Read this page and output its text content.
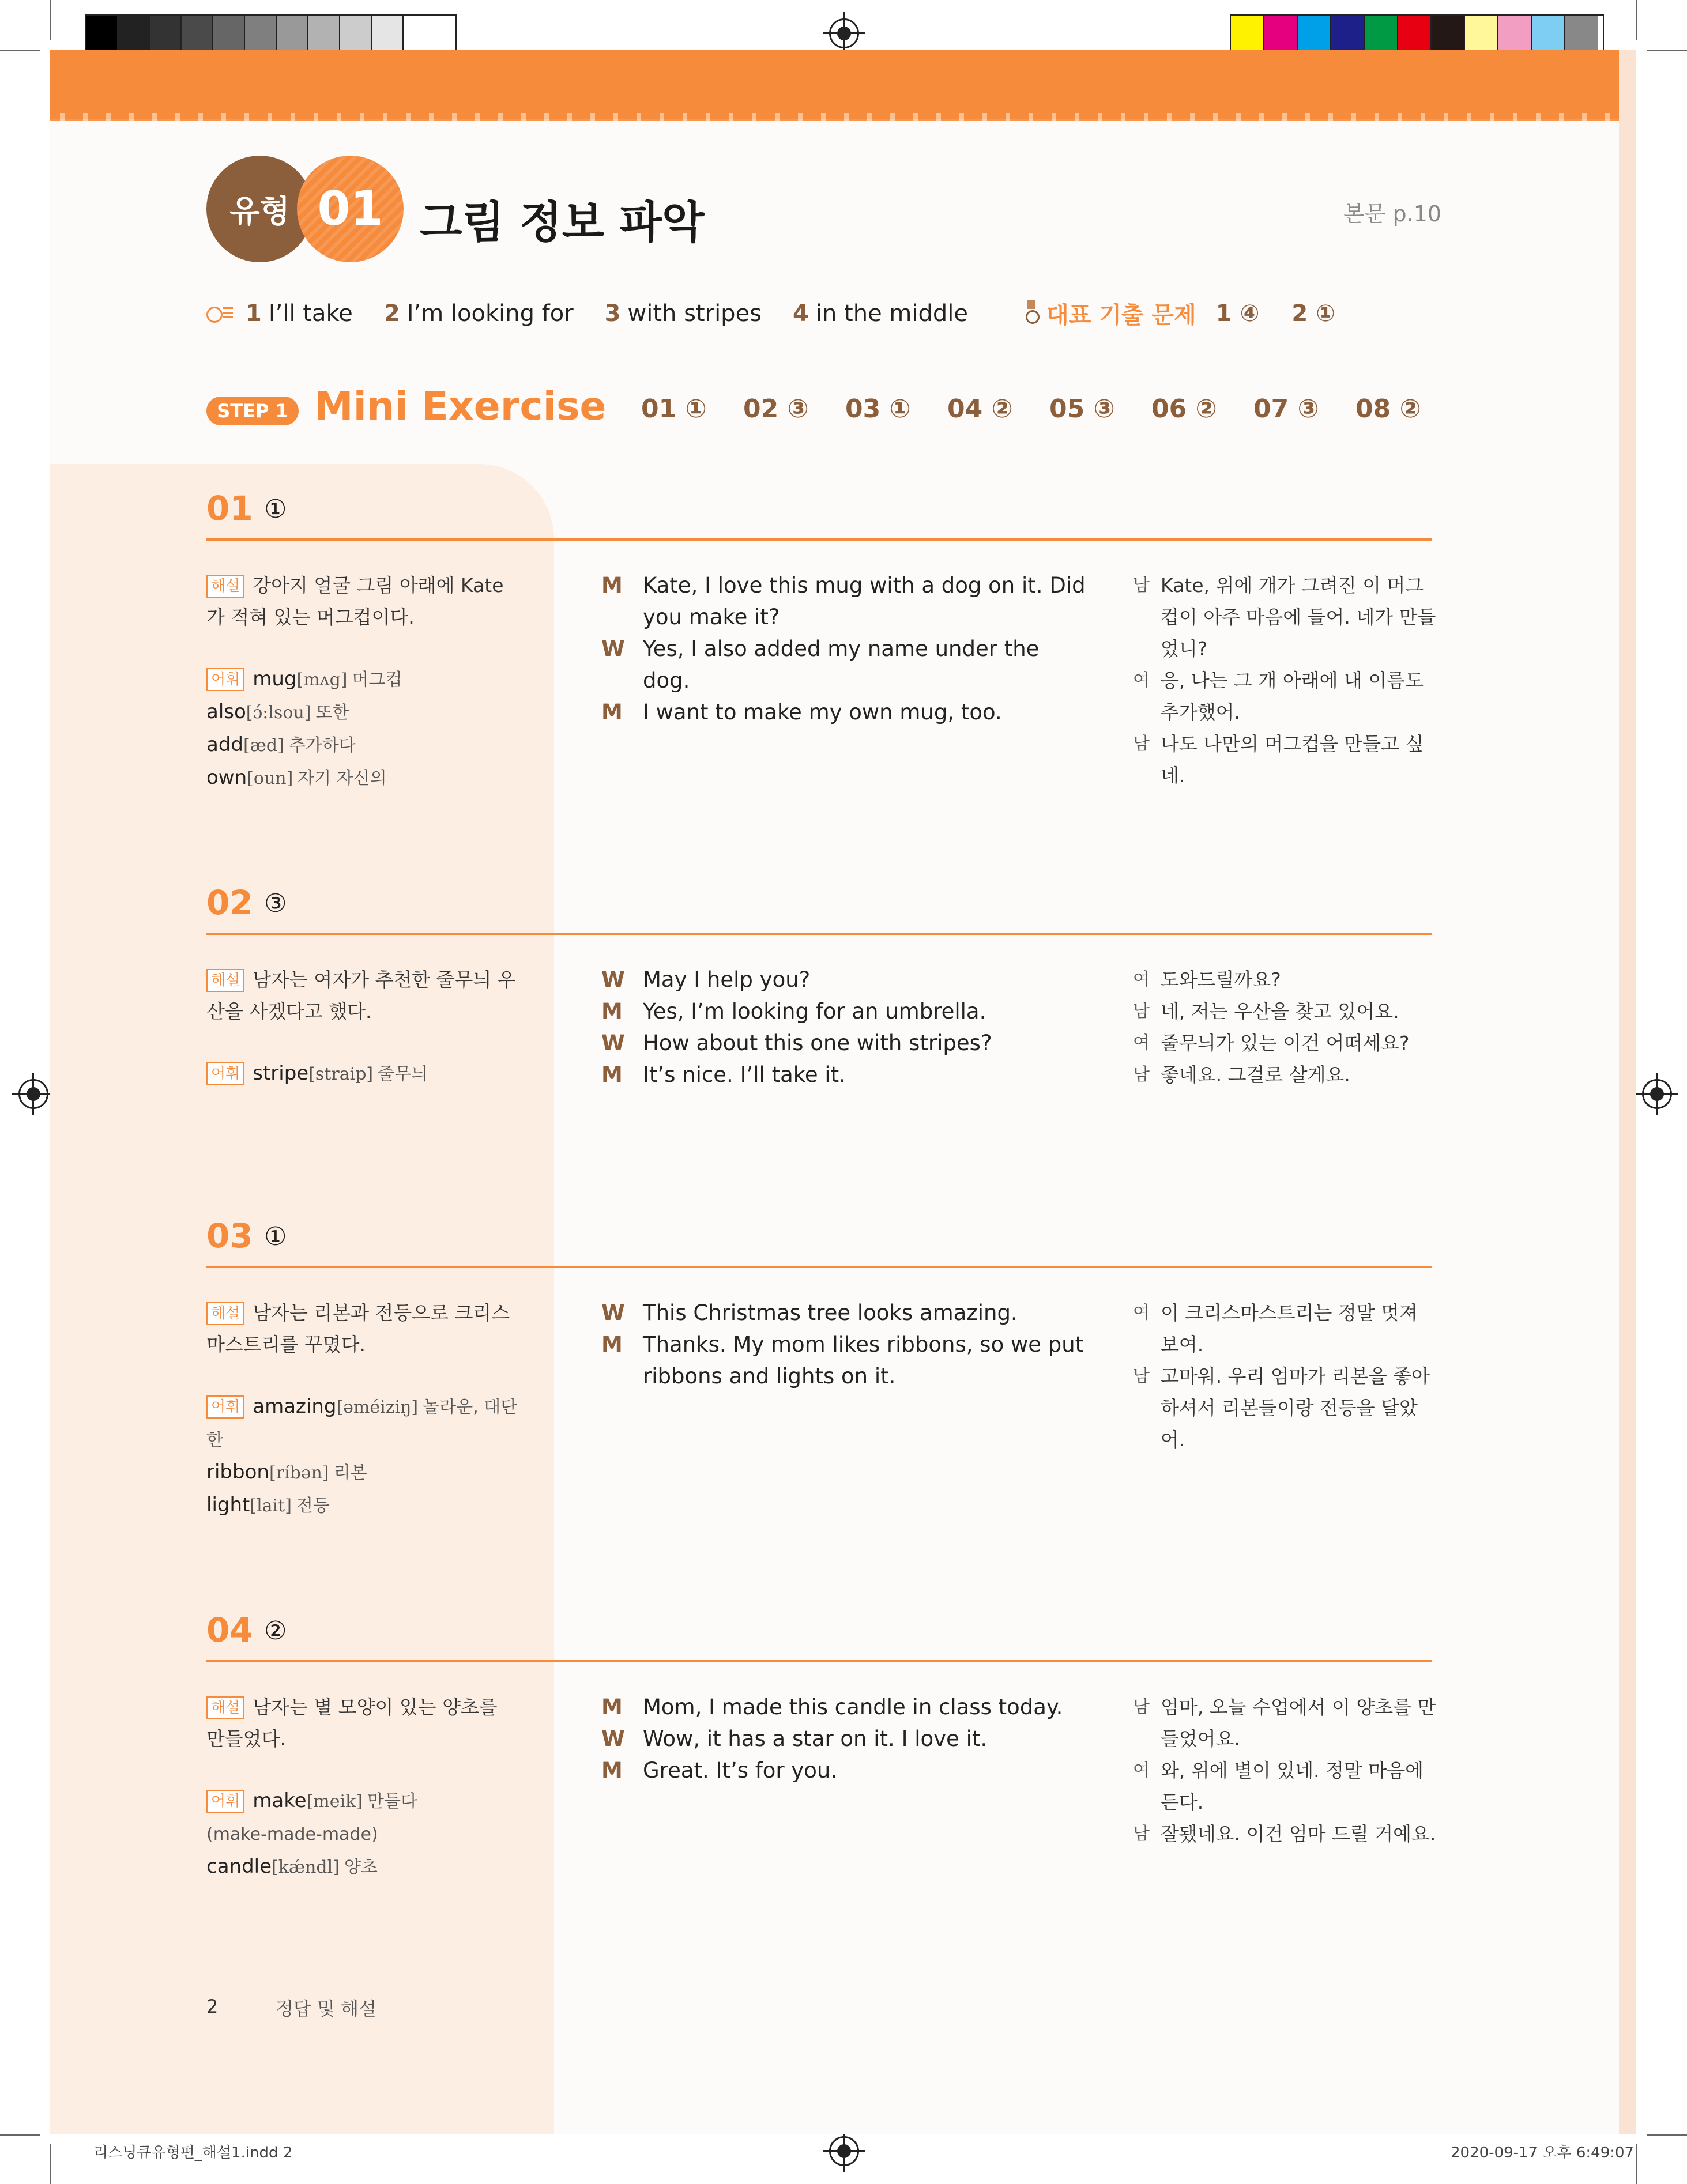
유형 01 그림 정보 파악	본문 p.10
1 I’ll take 2 I’m looking for 3 with stripes 4 in the middle	대표 기출 문제 1 ④ 2 ①
STEP 1 Mini Exercise 01 ①	02 ③	03 ①	04 ②	05 ③	06 ②	07 ③	08 ②
01 ①
해설 강아지 얼굴 그림 아래에 Kate가 적혀 있는 머그컵이다.
어휘 mug[mʌg] 머그컵
also[ɔ́:lsou] 또한
add[æd] 추가하다
own[oun] 자기 자신의
M Kate, I love this mug with a dog on it. Did you make it?
W Yes, I also added my name under the dog.
M I want to make my own mug, too.
남 Kate, 위에 개가 그려진 이 머그컵이 아주 마음에 들어. 네가 만들었니?
여 응, 나는 그 개 아래에 내 이름도 추가했어.
남 나도 나만의 머그컵을 만들고 싶네.
02 ③
해설 남자는 여자가 추천한 줄무늬 우산을 사겠다고 했다.
어휘 stripe[straip] 줄무늬
W May I help you?
M Yes, I’m looking for an umbrella.
W How about this one with stripes?
M It’s nice. I’ll take it.
여 도와드릴까요?
남 네, 저는 우산을 찾고 있어요.
여 줄무늬가 있는 이건 어떠세요?
남 좋네요. 그걸로 살게요.
03 ①
해설 남자는 리본과 전등으로 크리스마스트리를 꾸몄다.
어휘 amazing[əméiziŋ] 놀라운, 대단한
ribbon[ríbən] 리본
light[lait] 전등
W This Christmas tree looks amazing.
M Thanks. My mom likes ribbons, so we put ribbons and lights on it.
여 이 크리스마스트리는 정말 멋져 보여.
남 고마워. 우리 엄마가 리본을 좋아하셔서 리본들이랑 전등을 달았어.
04 ②
해설 남자는 별 모양이 있는 양초를 만들었다.
어휘 make[meik] 만들다
(make-made-made)
candle[kǽndl] 양초
M Mom, I made this candle in class today.
W Wow, it has a star on it. I love it.
M Great. It’s for you.
남 엄마, 오늘 수업에서 이 양초를 만들었어요.
여 와, 위에 별이 있네. 정말 마음에 든다.
남 잘됐네요. 이건 엄마 드릴 거예요.
2	정답 및 해설
리스닝큐유형편_해설1.indd 2	2020-09-17 오후 6:49:07
